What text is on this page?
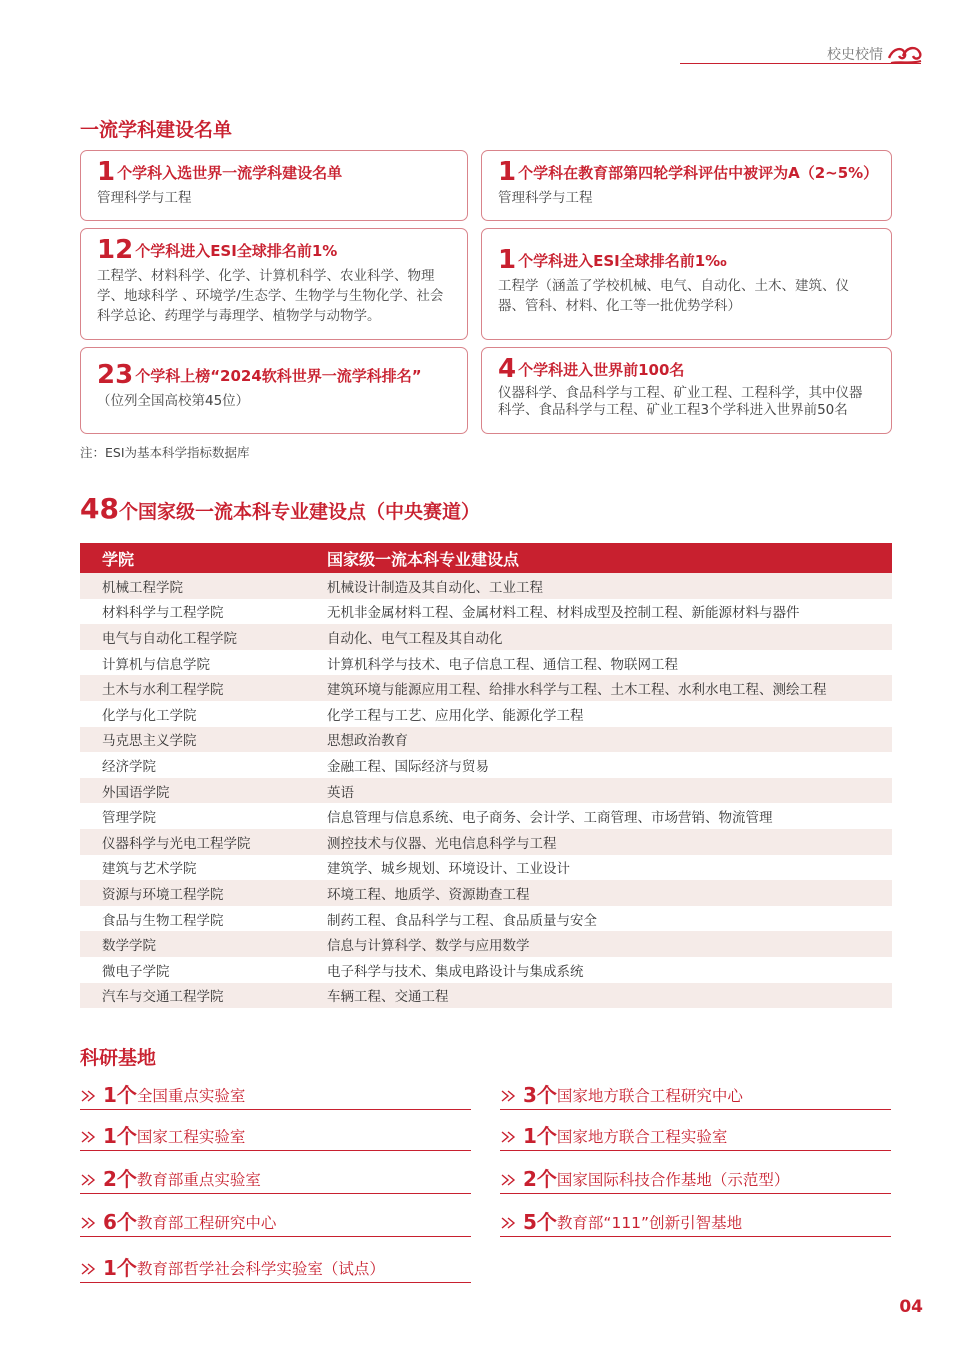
校史校情
一流学科建设名单
1 个学科入选世界一流学科建设名单
管理科学与工程
1 个学科在教育部第四轮学科评估中被评为A（2~5%）
管理科学与工程
12 个学科进入ESI全球排名前1%
工程学、材料科学、化学、计算机科学、农业科学、物理学、地球科学 、环境学/生态学、生物学与生物化学、社会科学总论、药理学与毒理学、植物学与动物学。
1 个学科进入ESI全球排名前1‰
工程学（涵盖了学校机械、电气、自动化、土木、建筑、仪器、管科、材料、化工等一批优势学科）
23 个学科上榜“2024软科世界一流学科排名”
（位列全国高校第45位）
4 个学科进入世界前100名
仪器科学、食品科学与工程、矿业工程、工程科学，其中仪器科学、食品科学与工程、矿业工程3个学科进入世界前50名
注：ESI为基本科学指标数据库
48个国家级一流本科专业建设点（中央赛道）
学院	国家级一流本科专业建设点
机械工程学院	机械设计制造及其自动化、工业工程
材料科学与工程学院	无机非金属材料工程、金属材料工程、材料成型及控制工程、新能源材料与器件
电气与自动化工程学院	自动化、电气工程及其自动化
计算机与信息学院	计算机科学与技术、电子信息工程、通信工程、物联网工程
土木与水利工程学院	建筑环境与能源应用工程、给排水科学与工程、土木工程、水利水电工程、测绘工程
化学与化工学院	化学工程与工艺、应用化学、能源化学工程
马克思主义学院	思想政治教育
经济学院	金融工程、国际经济与贸易
外国语学院	英语
管理学院	信息管理与信息系统、电子商务、会计学、工商管理、市场营销、物流管理
仪器科学与光电工程学院	测控技术与仪器、光电信息科学与工程
建筑与艺术学院	建筑学、城乡规划、环境设计、工业设计
资源与环境工程学院	环境工程、地质学、资源勘查工程
食品与生物工程学院	制药工程、食品科学与工程、食品质量与安全
数学学院	信息与计算科学、数学与应用数学
微电子学院	电子科学与技术、集成电路设计与集成系统
汽车与交通工程学院	车辆工程、交通工程
科研基地
1个 全国重点实验室	3个 国家地方联合工程研究中心
1个 国家工程实验室	1个 国家地方联合工程实验室
2个 教育部重点实验室	2个 国家国际科技合作基地（示范型）
6个 教育部工程研究中心	5个 教育部“111”创新引智基地
1个 教育部哲学社会科学实验室（试点）
04
